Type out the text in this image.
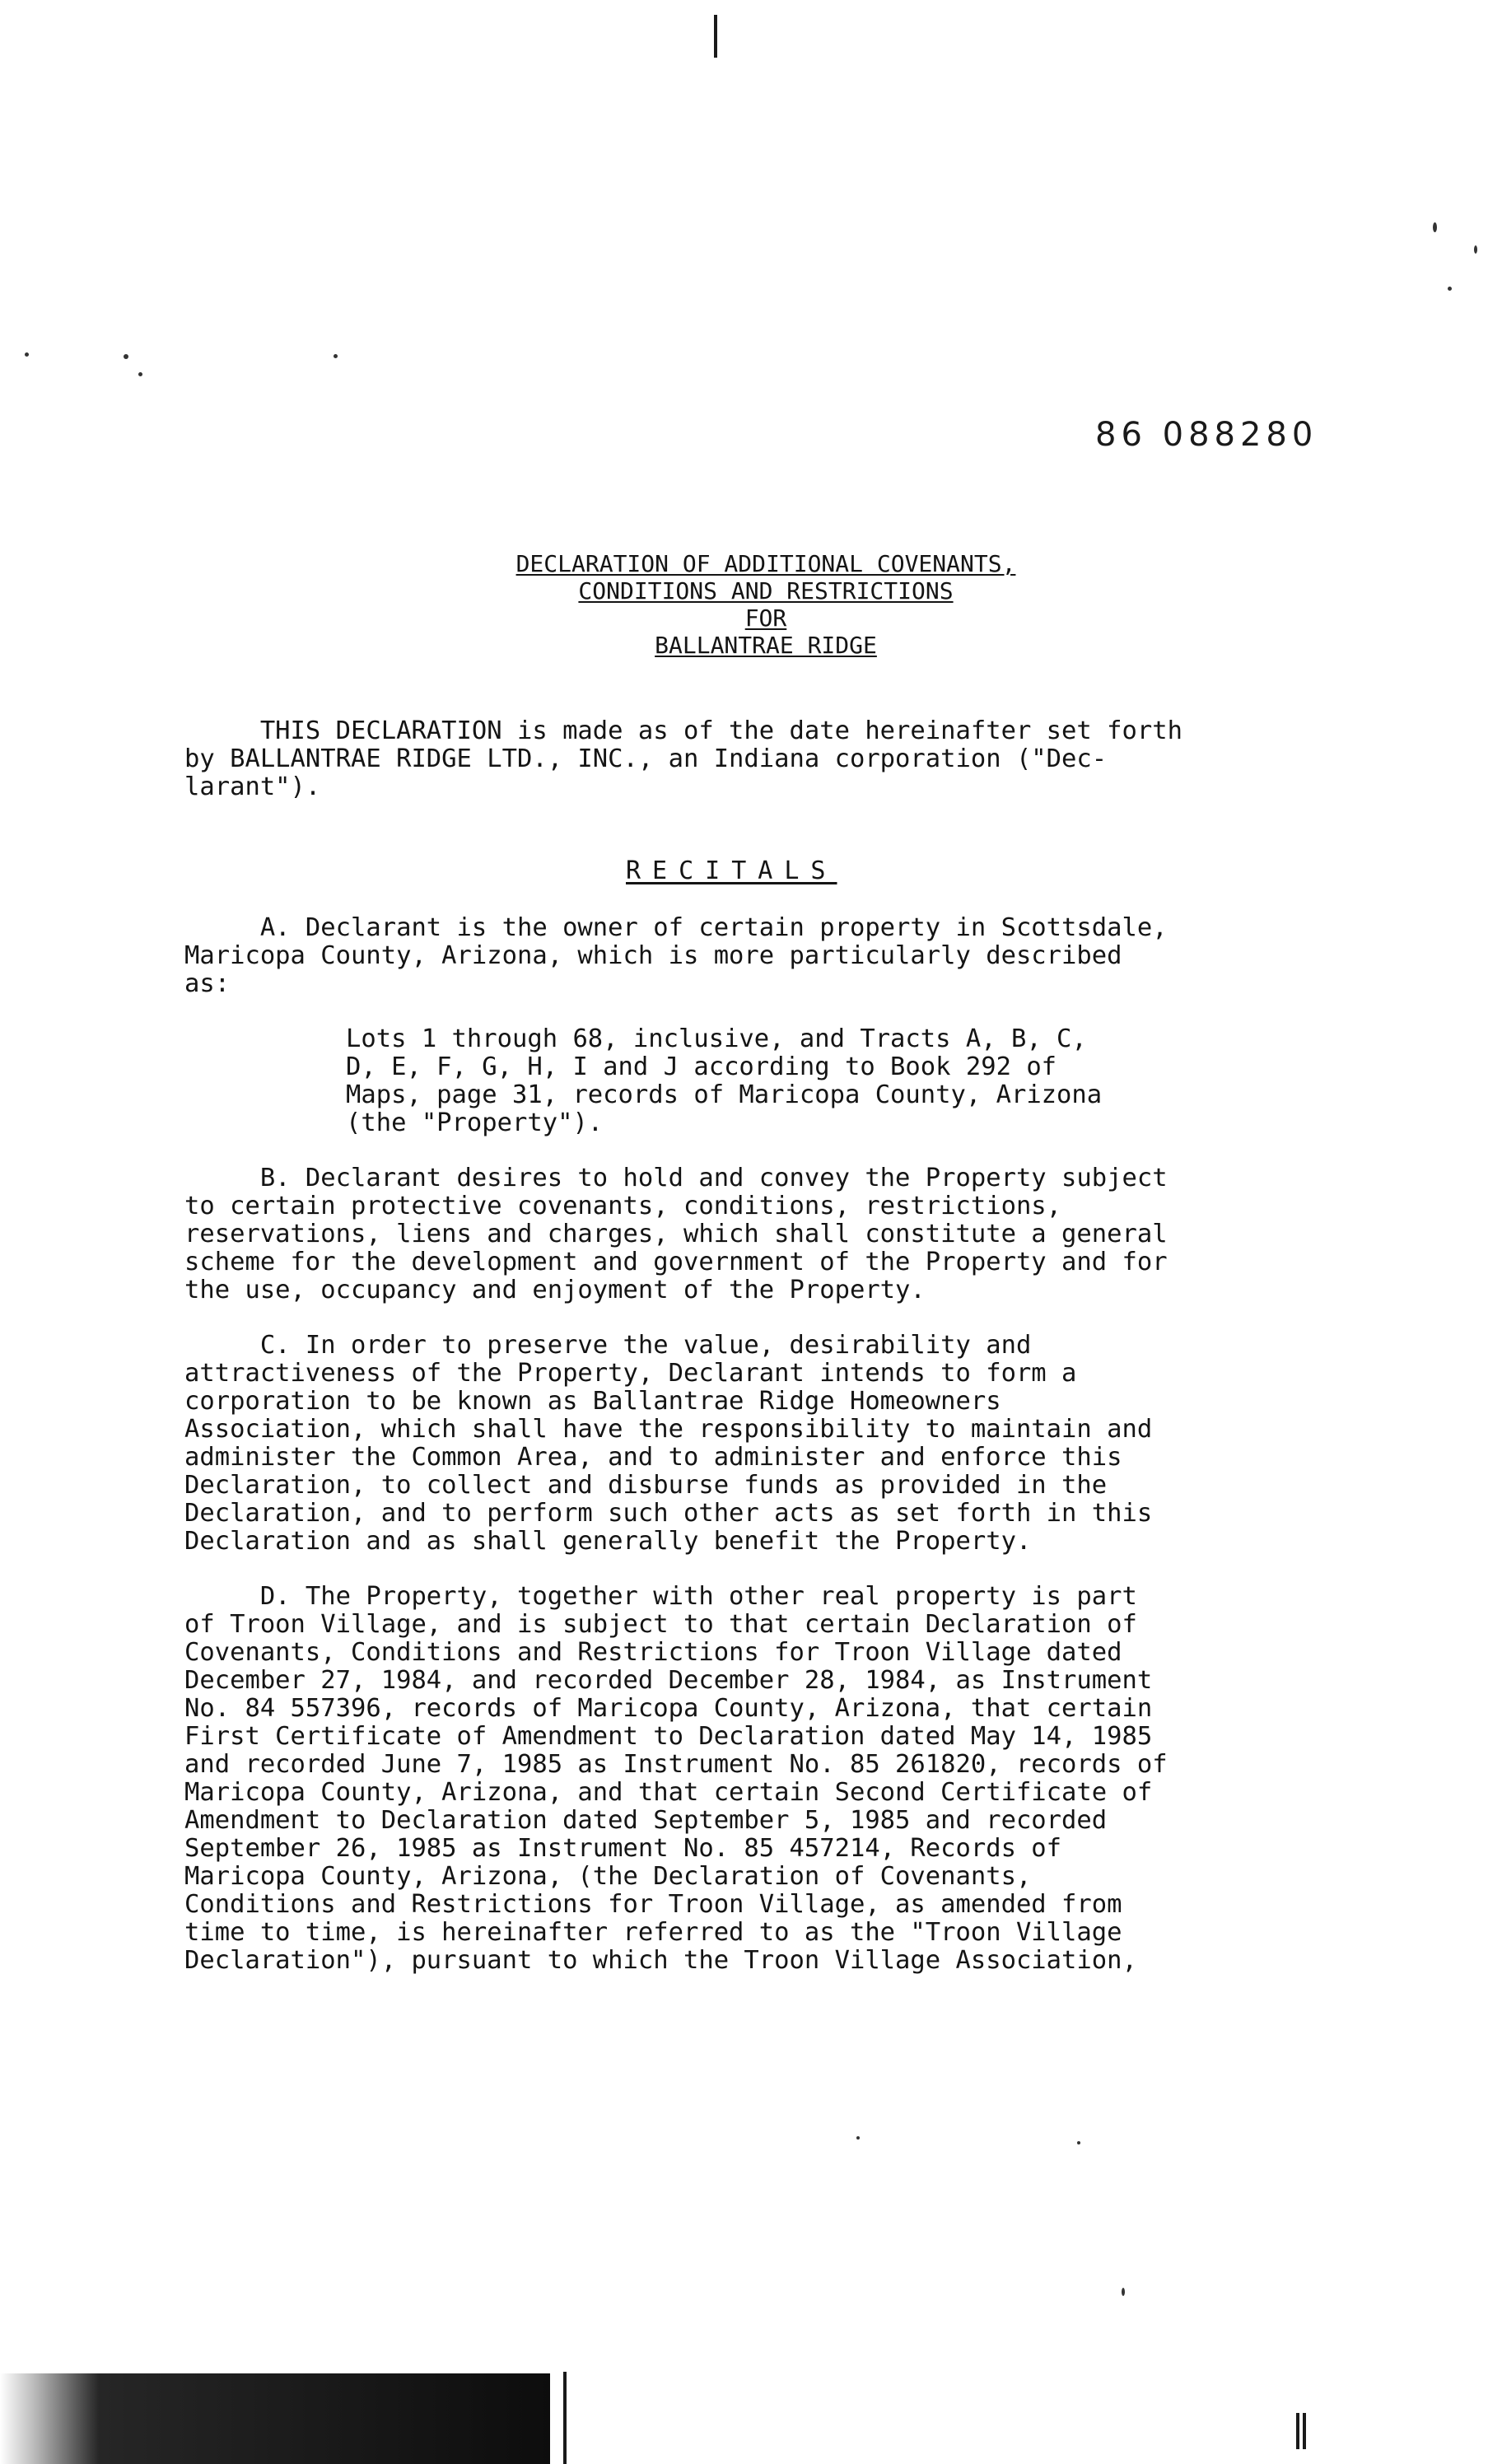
86 088280
DECLARATION OF ADDITIONAL COVENANTS,
CONDITIONS AND RESTRICTIONS
FOR
BALLANTRAE RIDGE
THIS DECLARATION is made as of the date hereinafter set forth
by BALLANTRAE RIDGE LTD., INC., an Indiana corporation ("Dec-
larant").
RECITALS
A. Declarant is the owner of certain property in Scottsdale,
Maricopa County, Arizona, which is more particularly described
as:
Lots 1 through 68, inclusive, and Tracts A, B, C,
D, E, F, G, H, I and J according to Book 292 of
Maps, page 31, records of Maricopa County, Arizona
(the "Property").
B. Declarant desires to hold and convey the Property subject
to certain protective covenants, conditions, restrictions,
reservations, liens and charges, which shall constitute a general
scheme for the development and government of the Property and for
the use, occupancy and enjoyment of the Property.
C. In order to preserve the value, desirability and
attractiveness of the Property, Declarant intends to form a
corporation to be known as Ballantrae Ridge Homeowners
Association, which shall have the responsibility to maintain and
administer the Common Area, and to administer and enforce this
Declaration, to collect and disburse funds as provided in the
Declaration, and to perform such other acts as set forth in this
Declaration and as shall generally benefit the Property.
D. The Property, together with other real property is part
of Troon Village, and is subject to that certain Declaration of
Covenants, Conditions and Restrictions for Troon Village dated
December 27, 1984, and recorded December 28, 1984, as Instrument
No. 84 557396, records of Maricopa County, Arizona, that certain
First Certificate of Amendment to Declaration dated May 14, 1985
and recorded June 7, 1985 as Instrument No. 85 261820, records of
Maricopa County, Arizona, and that certain Second Certificate of
Amendment to Declaration dated September 5, 1985 and recorded
September 26, 1985 as Instrument No. 85 457214, Records of
Maricopa County, Arizona, (the Declaration of Covenants,
Conditions and Restrictions for Troon Village, as amended from
time to time, is hereinafter referred to as the "Troon Village
Declaration"), pursuant to which the Troon Village Association,
